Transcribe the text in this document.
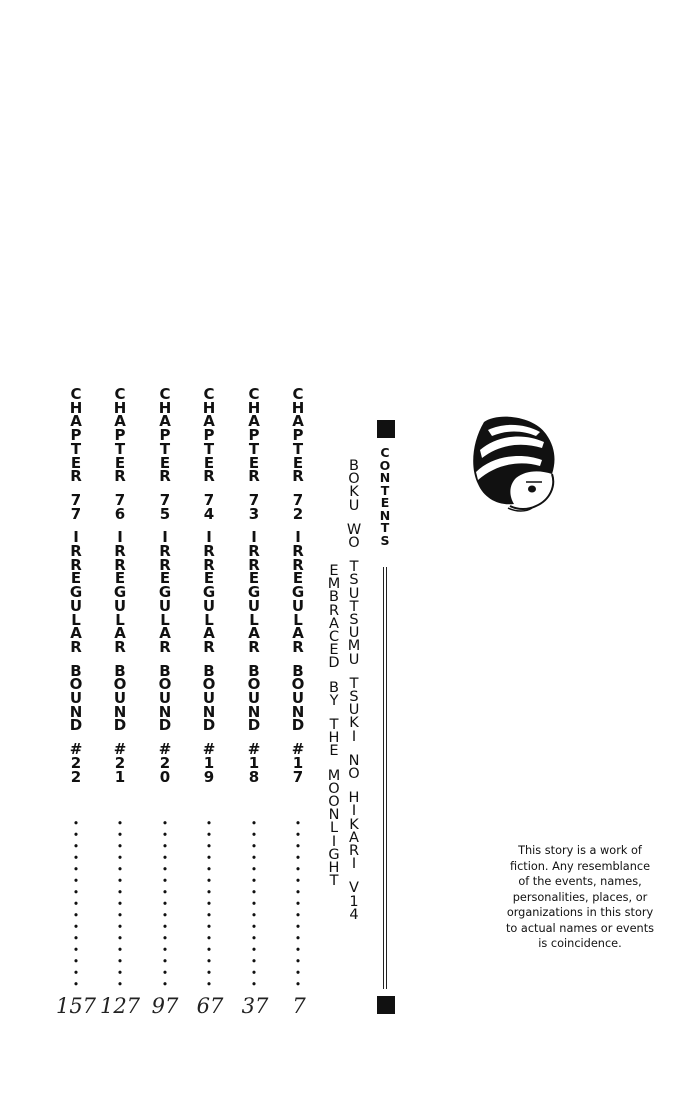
C
H
A
P
T
E
R
7
7
I
R
R
E
G
U
L
A
R
B
O
U
N
D
#
2
2
C
H
A
P
T
E
R
7
6
I
R
R
E
G
U
L
A
R
B
O
U
N
D
#
2
1
C
H
A
P
T
E
R
7
5
I
R
R
E
G
U
L
A
R
B
O
U
N
D
#
2
0
C
H
A
P
T
E
R
7
4
I
R
R
E
G
U
L
A
R
B
O
U
N
D
#
1
9
C
H
A
P
T
E
R
7
3
I
R
R
E
G
U
L
A
R
B
O
U
N
D
#
1
8
C
H
A
P
T
E
R
7
2
I
R
R
E
G
U
L
A
R
B
O
U
N
D
#
1
7
157 127 97 67 37	7
E
M
B
R
A
C
E
D
B
Y
T
H
E
M
O
O
N
L
I
G
H
T
B
O
K
U
W
O
T
S
U
T
S
U
M
U
T
S
U
K
I
N
O
H
I
K
A
R
I
V
1
4
C
O
N
T
E
N
T
S
This story is a work of
fiction. Any resemblance
of the events, names,
personalities, places, or
organizations in this story
to actual names or events
is coincidence.
